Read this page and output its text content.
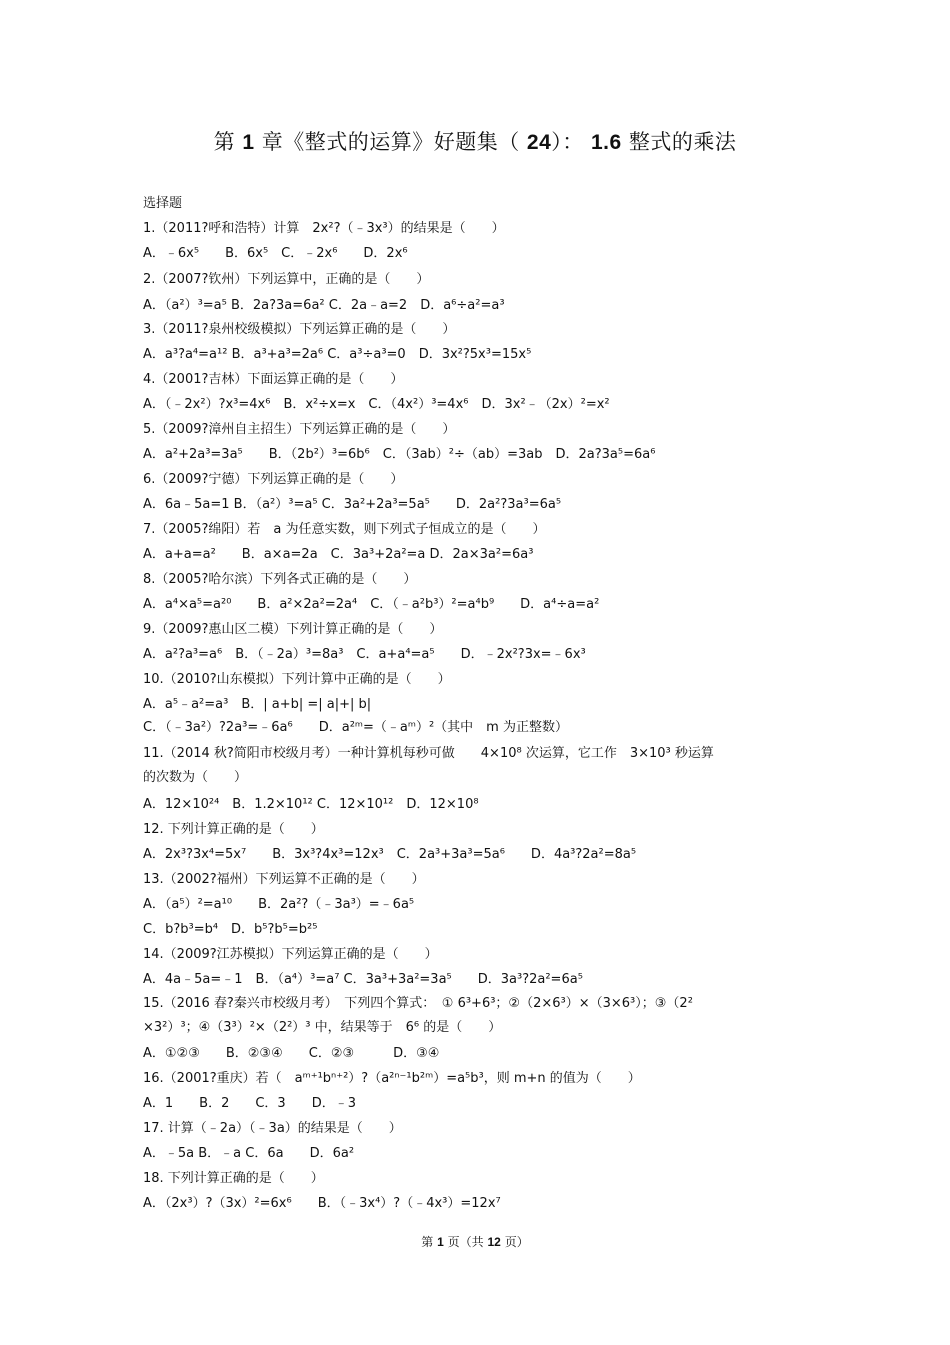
第 1 章《整式的运算》好题集（ 24）： 1.6 整式的乘法
选择题
1.（2011?呼和浩特）计算　2x²?（﹣3x³）的结果是（　　）
A．﹣6x⁵　　B．6x⁵　C．﹣2x⁶　　D．2x⁶
2.（2007?钦州）下列运算中，正确的是（　　）
A．（a²）³=a⁵ B．2a?3a=6a² C．2a﹣a=2　D．a⁶÷a²=a³
3.（2011?泉州校级模拟）下列运算正确的是（　　）
A．a³?a⁴=a¹² B．a³+a³=2a⁶ C．a³÷a³=0　D．3x²?5x³=15x⁵
4.（2001?吉林）下面运算正确的是（　　）
A．（﹣2x²）?x³=4x⁶　B．x²÷x=x　C．（4x²）³=4x⁶　D．3x²﹣（2x）²=x²
5.（2009?漳州自主招生）下列运算正确的是（　　）
A．a²+2a³=3a⁵　　B．（2b²）³=6b⁶　C．（3ab）²÷（ab）=3ab　D．2a?3a⁵=6a⁶
6.（2009?宁德）下列运算正确的是（　　）
A．6a﹣5a=1 B．（a²）³=a⁵ C．3a²+2a³=5a⁵　　D．2a²?3a³=6a⁵
7.（2005?绵阳）若　a 为任意实数，则下列式子恒成立的是（　　）
A．a+a=a²　　B．a×a=2a　C．3a³+2a²=a D．2a×3a²=6a³
8.（2005?哈尔滨）下列各式正确的是（　　）
A．a⁴×a⁵=a²⁰　　B．a²×2a²=2a⁴　C．（﹣a²b³）²=a⁴b⁹　　D．a⁴÷a=a²
9.（2009?惠山区二模）下列计算正确的是（　　）
A．a²?a³=a⁶　B．（﹣2a）³=8a³　C．a+a⁴=a⁵　　D．﹣2x²?3x=﹣6x³
10.（2010?山东模拟）下列计算中正确的是（　　）
A．a⁵﹣a²=a³　B．| a+b| =| a|+| b|
C．（﹣3a²）?2a³=﹣6a⁶　　D．a²ᵐ=（﹣aᵐ）²（其中　m 为正整数）
11.（2014 秋?简阳市校级月考）一种计算机每秒可做　　4×10⁸ 次运算，它工作　3×10³ 秒运算
的次数为（　　）
A．12×10²⁴　B．1.2×10¹² C．12×10¹²　D．12×10⁸
12. 下列计算正确的是（　　）
A．2x³?3x⁴=5x⁷　　B．3x³?4x³=12x³　C．2a³+3a³=5a⁶　　D．4a³?2a²=8a⁵
13.（2002?福州）下列运算不正确的是（　　）
A．（a⁵）²=a¹⁰　　B．2a²?（﹣3a³）=﹣6a⁵
C．b?b³=b⁴　D．b⁵?b⁵=b²⁵
14.（2009?江苏模拟）下列运算正确的是（　　）
A．4a﹣5a=﹣1　B．（a⁴）³=a⁷ C．3a³+3a²=3a⁵　　D．3a³?2a²=6a⁵
15.（2016 春?秦兴市校级月考）　下列四个算式：　① 6³+6³；②（2×6³）×（3×6³）；③（2²
×3²）³；④（3³）²×（2²）³ 中，结果等于　6⁶ 的是（　　）
A．①②③　　B．②③④　　C．②③　　　D．③④
16.（2001?重庆）若（　aᵐ⁺¹bⁿ⁺²）?（a²ⁿ⁻¹b²ᵐ）=a⁵b³，则 m+n 的值为（　　）
A．1　　B．2　　C．3　　D．﹣3
17. 计算（﹣2a）（﹣3a）的结果是（　　）
A．﹣5a B．﹣a C．6a　　D．6a²
18. 下列计算正确的是（　　）
A．（2x³）?（3x）²=6x⁶　　B．（﹣3x⁴）?（﹣4x³）=12x⁷
第 1 页（共 12 页）
